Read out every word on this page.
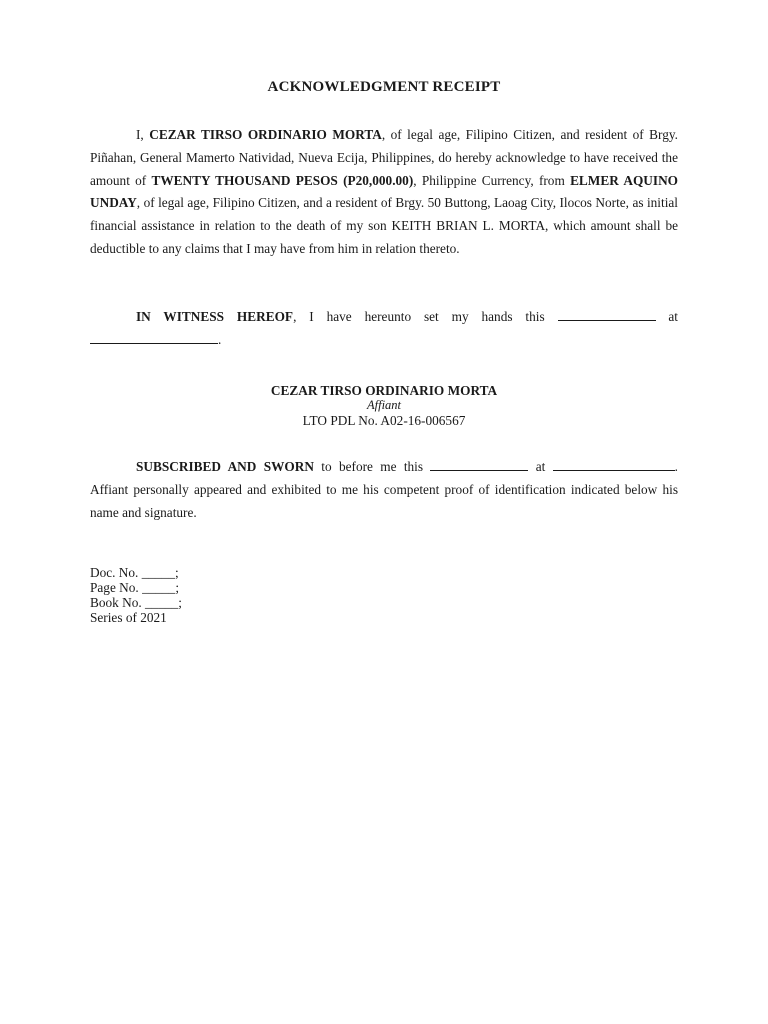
ACKNOWLEDGMENT RECEIPT

I, CEZAR TIRSO ORDINARIO MORTA, of legal age, Filipino Citizen, and resident of Brgy. Piñahan, General Mamerto Natividad, Nueva Ecija, Philippines, do hereby acknowledge to have received the amount of TWENTY THOUSAND PESOS (P20,000.00), Philippine Currency, from ELMER AQUINO UNDAY, of legal age, Filipino Citizen, and a resident of Brgy. 50 Buttong, Laoag City, Ilocos Norte, as initial financial assistance in relation to the death of my son KEITH BRIAN L. MORTA, which amount shall be deductible to any claims that I may have from him in relation thereto.

IN WITNESS HEREOF, I have hereunto set my hands this	at .

CEZAR TIRSO ORDINARIO MORTA
Affiant
LTO PDL No. A02-16-006567

SUBSCRIBED AND SWORN to before me this	at	. Affiant personally appeared and exhibited to me his competent proof of identification indicated below his name and signature.

Doc. No. _____;
Page No. _____;
Book No. _____;
Series of 2021
